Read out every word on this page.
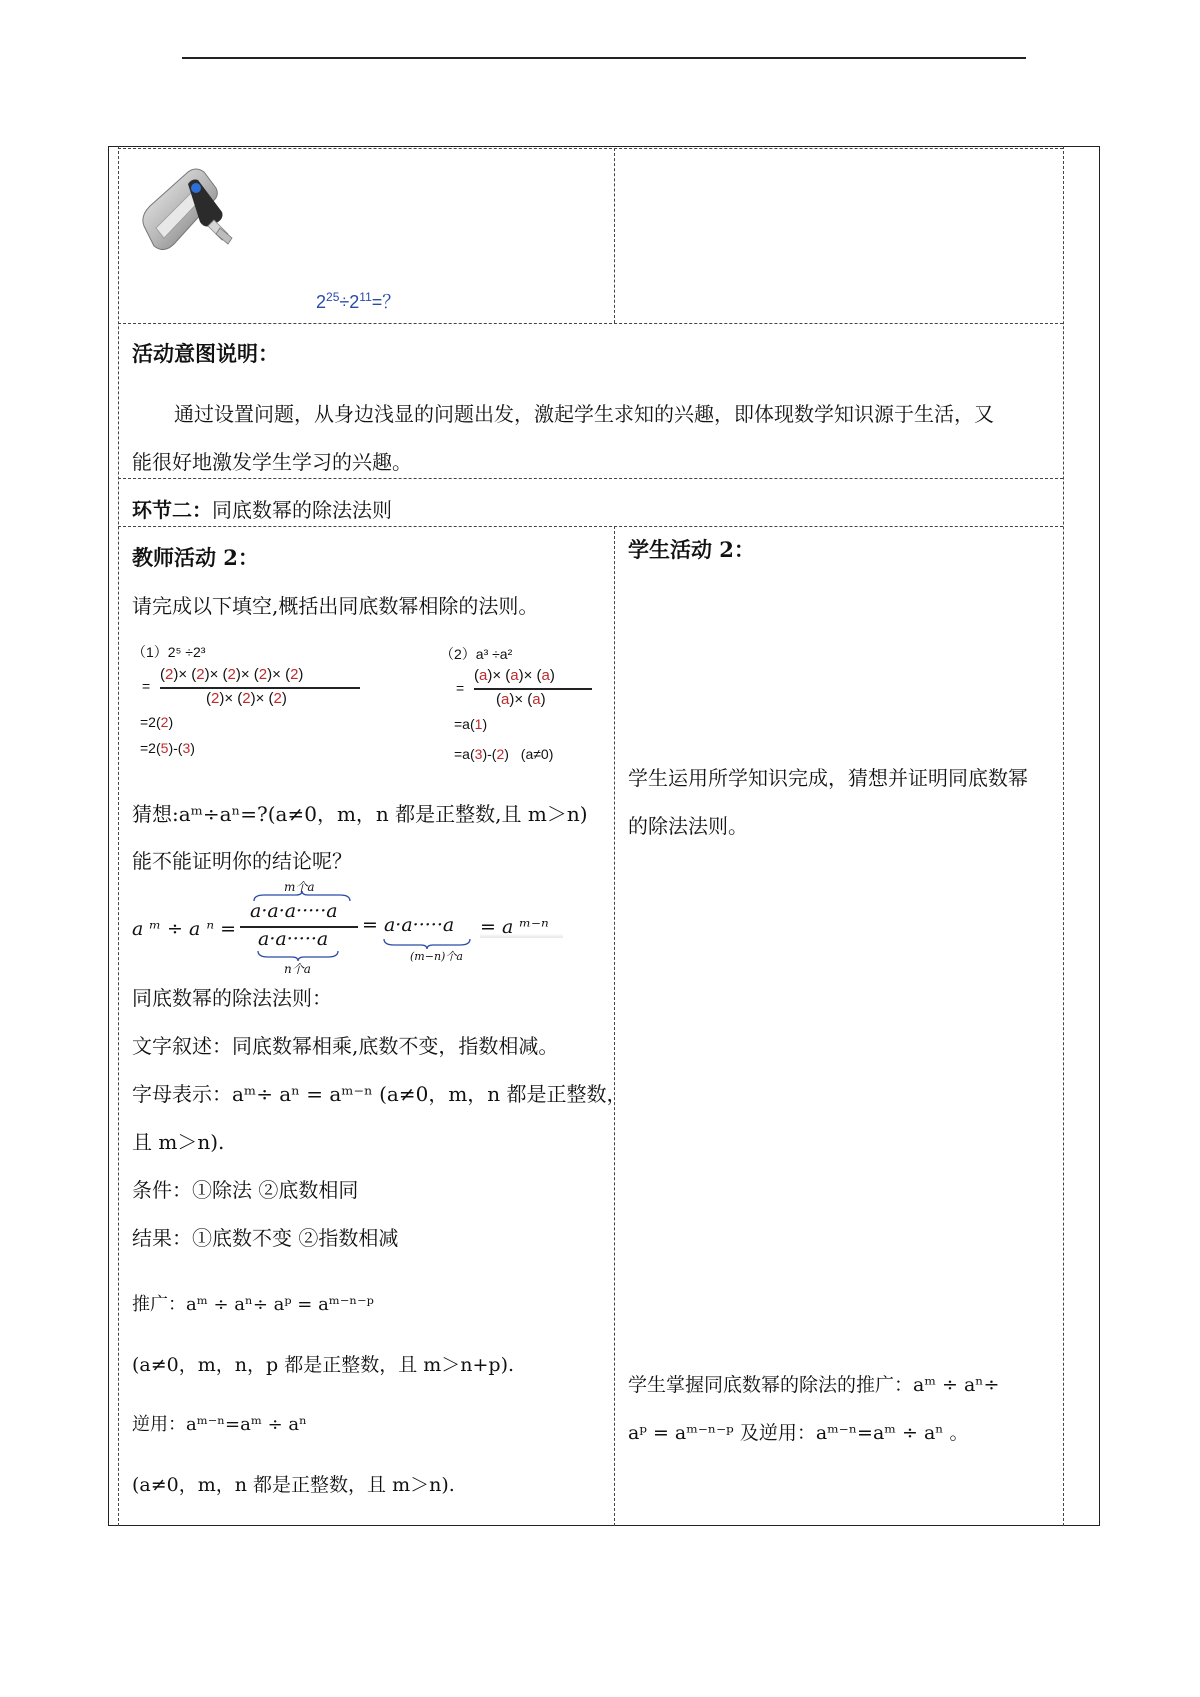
$2^{25}\div 2^{11}=$？
活动意图说明：
通过设置问题，从身边浅显的问题出发，激起学生求知的兴趣，即体现数学知识源于生活，又
能很好地激发学生学习的兴趣。
环节二：同底数幂的除法法则
教师活动 2：
请完成以下填空,概括出同底数幂相除的法则。
（1）2⁵ ÷2³
=
(2)× (2)× (2)× (2)× (2)
(2)× (2)× (2)
=2(2)
=2(5)-(3)
（2）a³ ÷a²
=
(a)× (a)× (a)
(a)× (a)
=a(1)
=a(3)-(2) (a≠0)
猜想:aᵐ÷aⁿ=?(a≠0，m，n 都是正整数,且 m＞n)
能不能证明你的结论呢？
a ᵐ ÷ a ⁿ =
m个a
a·a·a·····a
a·a·····a
n个a
= a·a·····a
(m−n)个a
= a ᵐ⁻ⁿ
同底数幂的除法法则：
文字叙述：同底数幂相乘,底数不变，指数相减。
字母表示：aᵐ÷ aⁿ = aᵐ⁻ⁿ (a≠0，m，n 都是正整数，
且 m＞n).
条件：①除法 ②底数相同
结果：①底数不变 ②指数相减
推广：aᵐ ÷ aⁿ÷ aᵖ = aᵐ⁻ⁿ⁻ᵖ
(a≠0，m，n，p 都是正整数，且 m＞n+p).
逆用：aᵐ⁻ⁿ=aᵐ ÷ aⁿ
(a≠0，m，n 都是正整数，且 m＞n).
学生活动 2：
学生运用所学知识完成，猜想并证明同底数幂
的除法法则。
学生掌握同底数幂的除法的推广：aᵐ ÷ aⁿ÷
aᵖ = aᵐ⁻ⁿ⁻ᵖ 及逆用：aᵐ⁻ⁿ=aᵐ ÷ aⁿ 。
